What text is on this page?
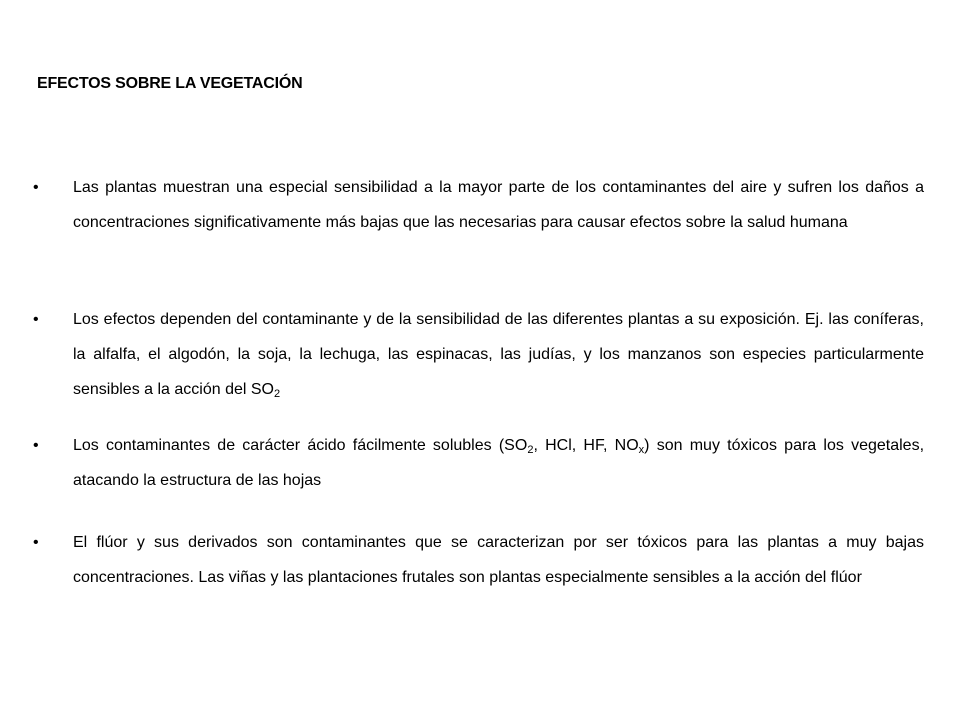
EFECTOS SOBRE LA VEGETACIÓN
•	Las plantas muestran una especial sensibilidad a la mayor parte de los contaminantes del aire y sufren los daños a concentraciones significativamente más bajas que las necesarias para causar efectos sobre la salud humana
•	Los efectos dependen del contaminante y de la sensibilidad de las diferentes plantas a su exposición. Ej. las coníferas, la alfalfa, el algodón, la soja, la lechuga, las espinacas, las judías, y los manzanos son especies particularmente sensibles a la acción del $SO_2$
•	Los contaminantes de carácter ácido fácilmente solubles ($SO_2$, HCl, HF, $NO_x$) son muy tóxicos para los vegetales, atacando la estructura de las hojas
•	El flúor y sus derivados son contaminantes que se caracterizan por ser tóxicos para las plantas a muy bajas concentraciones. Las viñas y las plantaciones frutales son plantas especialmente sensibles a la acción del flúor
